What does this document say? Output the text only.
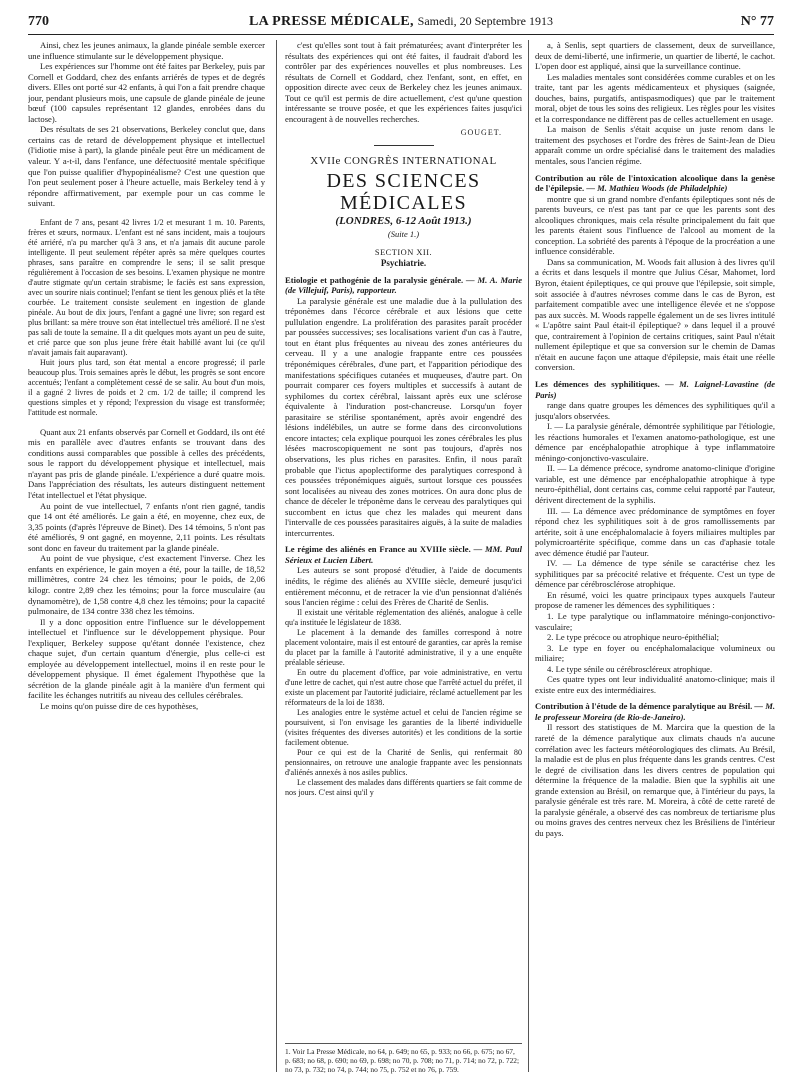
770	LA PRESSE MÉDICALE, Samedi, 20 Septembre 1913	N° 77

Ainsi, chez les jeunes animaux, la glande pinéale semble exercer une influence stimulante sur le développement physique.

Les expériences sur l'homme ont été faites par Berkeley, puis par Cornell et Goddard, chez des enfants arriérés de types et de degrés divers. Elles ont porté sur 42 enfants, à qui l'on a fait prendre chaque jour, pendant plusieurs mois, une capsule de glande pinéale de jeune bœuf (100 capsules représentant 12 glandes, enrobées dans du lactose).

Des résultats de ses 21 observations, Berkeley conclut que, dans certains cas de retard de développement physique et intellectuel (l'idiotie mise à part), la glande pinéale peut être un médicament de valeur. Y a-t-il, dans l'enfance, une défectuosité mentale spécifique que l'on puisse qualifier d'hypopinéalisme? C'est une question que l'on peut seulement poser à l'heure actuelle, mais Berkeley tend à y répondre affirmativement, par exemple pour un cas comme le suivant.

Enfant de 7 ans, pesant 42 livres 1/2 et mesurant 1 m. 10. Parents, frères et sœurs, normaux. L'enfant est né sans incident, mais a toujours été arriéré, n'a pu marcher qu'à 3 ans, et n'a jamais dit aucune parole intelligente. Il peut seulement répéter après sa mère quelques courtes phrases, sans paraître en comprendre le sens; il se salit presque régulièrement à l'occasion de ses besoins. L'examen physique ne montre d'autre stigmate qu'un certain strabisme; le faciès est sans expression, avec un sourire niais continuel; l'enfant se tient les genoux pliés et la tête courbée. Le traitement consiste seulement en ingestion de glande pinéale. Au bout de dix jours, l'enfant a gagné une livre; son regard est plus brillant: sa mère trouve son état intellectuel très amélioré. Il ne s'est pas sali de toute la semaine. Il a dit quelques mots ayant un peu de suite, et crié parce que son plus jeune frère était habillé avant lui (ce qu'il n'avait jamais fait auparavant).

Huit jours plus tard, son état mental a encore progressé; il parle beaucoup plus. Trois semaines après le début, les progrès se sont encore accentués; l'enfant a complètement cessé de se salir. Au bout d'un mois, il a gagné 2 livres de poids et 2 cm. 1/2 de taille; il comprend les questions simples et y répond; l'expression du visage est transformée; l'attitude est normale.

Quant aux 21 enfants observés par Cornell et Goddard, ils ont été mis en parallèle avec d'autres enfants se trouvant dans des conditions aussi comparables que possible à celles des précédents, sous le rapport du développement physique et intellectuel, mais n'ayant pas pris de glande pinéale. L'expérience a duré quatre mois. Dans l'appréciation des résultats, les auteurs distinguent nettement l'état intellectuel et l'état physique.

Au point de vue intellectuel, 7 enfants n'ont rien gagné, tandis que 14 ont été améliorés. Le gain a été, en moyenne, chez eux, de 3,35 points (d'après l'épreuve de Binet). Des 14 témoins, 5 n'ont pas été améliorés, 9 ont gagné, en moyenne, 2,11 points. Les résultats sont donc en faveur du traitement par la glande pinéale.

Au point de vue physique, c'est exactement l'inverse. Chez les enfants en expérience, le gain moyen a été, pour la taille, de 18,52 millimètres, contre 24 chez les témoins; pour le poids, de 2,06 kilogr. contre 2,89 chez les témoins; pour la force musculaire (au dynamomètre), de 1,58 contre 4,8 chez les témoins; pour la capacité pulmonaire, de 134 contre 338 chez les témoins.

Il y a donc opposition entre l'influence sur le développement intellectuel et l'influence sur le développement physique. Pour l'expliquer, Berkeley suppose qu'étant donnée l'existence, chez chaque sujet, d'un certain quantum d'énergie, plus celle-ci est employée au développement intellectuel, moins il en reste pour le développement physique. Il émet également l'hypothèse que la sécrétion de la glande pinéale agit à la manière d'un ferment qui facilite les échanges nutritifs au niveau des cellules cérébrales.

Le moins qu'on puisse dire de ces hypothèses,

c'est qu'elles sont tout à fait prématurées; avant d'interpréter les résultats des expériences qui ont été faites, il faudrait d'abord les contrôler par des expériences nouvelles et plus nombreuses. Les résultats de Cornell et Goddard, chez l'enfant, sont, en effet, en opposition directe avec ceux de Berkeley chez les jeunes animaux. Tout ce qu'il est permis de dire actuellement, c'est qu'une question intéressante se trouve posée, et que les expériences faites jusqu'ici encouragent à de nouvelles recherches.

GOUGET.
XVIIe CONGRÈS INTERNATIONAL
DES SCIENCES MÉDICALES
(LONDRES, 6-12 Août 1913.)
(Suite 1.)
SECTION XII.
Psychiatrie.

Etiologie et pathogénie de la paralysie générale. — M. A. Marie (de Villejuif, Paris), rapporteur.

La paralysie générale est une maladie due à la pullulation des tréponèmes dans l'écorce cérébrale et aux lésions que cette pullulation engendre. La prolifération des parasites paraît procéder par poussées successives; ses localisations varient d'un cas à l'autre, tout en étant plus fréquentes au niveau des zones antérieures du cerveau. Il y a une analogie frappante entre ces poussées tréponémiques cérébrales, d'une part, et l'apparition périodique des manifestations spécifiques cutanées et muqueuses, d'autre part. On pourrait comparer ces foyers multiples et successifs à autant de syphilomes du cortex cérébral, laissant après eux une sclérose équivalente à l'induration post-chancreuse. Lorsqu'un foyer parasitaire se stérilise spontanément, après avoir engendré des lésions indélébiles, un autre se forme dans des circonvolutions encore intactes; cela explique pourquoi les zones cérébrales les plus lésées macroscopiquement ne sont pas toujours, d'après nos observations, les plus riches en parasites. Enfin, il nous paraît probable que l'ictus apoplectiforme des paralytiques correspond à ces poussées tréponémiques aiguës, surtout lorsque ces poussées sont localisées au niveau des zones motrices. On aura donc plus de chance de déceler le tréponème dans le cerveau des paralytiques qui succombent en ictus que chez les malades qui meurent dans l'intervalle de ces poussées parasitaires aiguës, à la suite de maladies intercurrentes.

Le régime des aliénés en France au XVIIIe siècle. — MM. Paul Sérieux et Lucien Libert.

Les auteurs se sont proposé d'étudier, à l'aide de documents inédits, le régime des aliénés au XVIIIe siècle, demeuré jusqu'ici entièrement méconnu, et de retracer la vie d'un pensionnat d'aliénés sous l'ancien régime : celui des Frères de Charité de Senlis.

Il existait une véritable réglementation des aliénés, analogue à celle qu'a instituée le législateur de 1838.

Le placement à la demande des familles correspond à notre placement volontaire, mais il est entouré de garanties, car après la remise du placet par la famille à l'autorité administrative, il y a une enquête préalable sérieuse.

En outre du placement d'office, par voie administrative, en vertu d'une lettre de cachet, qui n'est autre chose que l'arrêté actuel du préfet, il existe un placement par l'autorité judiciaire, réclamé actuellement par les réformateurs de la loi de 1838.

Les analogies entre le système actuel et celui de l'ancien régime se poursuivent, si l'on envisage les garanties de la liberté individuelle (visites fréquentes des diverses autorités) et les conditions de la sortie facilement obtenue.

Pour ce qui est de la Charité de Senlis, qui renfermait 80 pensionnaires, on retrouve une analogie frappante avec les pensionnats d'aliénés annexés à nos asiles publics.

Le classement des malades dans différents quartiers se fait comme de nos jours. C'est ainsi qu'il y

1. Voir La Presse Médicale, no 64, p. 649; no 65, p. 933; no 66, p. 675; no 67, p. 683; no 68, p. 690; no 69, p. 698; no 70, p. 708; no 71, p. 714; no 72, p. 722; no 73, p. 732; no 74, p. 744; no 75, p. 752 et no 76, p. 759.

a, à Senlis, sept quartiers de classement, deux de surveillance, deux de demi-liberté, une infirmerie, un quartier de liberté, le cachot. L'open door est appliqué, ainsi que la surveillance continue.

Les maladies mentales sont considérées comme curables et on les traite, tant par les agents médicamenteux et physiques (saignée, douches, bains, purgatifs, antispasmodiques) que par le traitement moral, objet de tous les soins des religieux. Les règles pour les visites et la correspondance ne diffèrent pas de celles actuellement en usage.

La maison de Senlis s'était acquise un juste renom dans le traitement des psychoses et l'ordre des frères de Saint-Jean de Dieu apparaît comme un ordre spécialisé dans le traitement des maladies mentales, sous l'ancien régime.

Contribution au rôle de l'intoxication alcoolique dans la genèse de l'épilepsie. — M. Mathieu Woods (de Philadelphie)

montre que si un grand nombre d'enfants épileptiques sont nés de parents buveurs, ce n'est pas tant par ce que les parents sont des alcooliques chroniques, mais cela résulte principalement du fait que les parents étaient sous l'influence de l'alcool au moment de la conception. La sobriété des parents à l'époque de la procréation a une influence considérable.

Dans sa communication, M. Woods fait allusion à des livres qu'il a écrits et dans lesquels il montre que Julius César, Mahomet, lord Byron, étaient épileptiques, ce qui prouve que l'épilepsie, soit simple, soit associée à d'autres névroses comme dans le cas de Byron, est parfaitement compatible avec une intelligence élevée et ne s'oppose pas aux succès. M. Woods rappelle également un de ses livres intitulé « L'apôtre saint Paul était-il épileptique? » dans lequel il a prouvé que, contrairement à l'opinion de certains critiques, saint Paul n'était nullement épileptique et que sa conversion sur le chemin de Damas n'était en aucune façon une attaque d'épilepsie, mais était une réelle conversion.

Les démences des syphilitiques. — M. Laignel-Lavastine (de Paris)

range dans quatre groupes les démences des syphilitiques qu'il a jusqu'alors observées.

I. — La paralysie générale, démontrée syphilitique par l'étiologie, les réactions humorales et l'examen anatomo-pathologique, est une démence par encéphalopathie atrophique à type inflammatoire méningo-conjonctivo-vasculaire.

II. — La démence précoce, syndrome anatomo-clinique d'origine variable, est une démence par encéphalopathie atrophique à type neuro-épithélial, dont certains cas, comme celui rapporté par l'auteur, dérivent directement de la syphilis.

III. — La démence avec prédominance de symptômes en foyer répond chez les syphilitiques soit à de gros ramollissements par artérite, soit à une encéphalomalacie à foyers miliaires multiples par polymicroartérite spécifique, comme dans un cas d'aphasie totale avec démence étudié par l'auteur.

IV. — La démence de type sénile se caractérise chez les syphilitiques par sa précocité relative et fréquente. C'est un type de démence par cérébrosclérose atrophique.

En résumé, voici les quatre principaux types auxquels l'auteur propose de ramener les démences des syphilitiques :

1. Le type paralytique ou inflammatoire méningo-conjonctivo-vasculaire;

2. Le type précoce ou atrophique neuro-épithélial;

3. Le type en foyer ou encéphalomalacique volumineux ou miliaire;

4. Le type sénile ou cérébroscléreux atrophique.

Ces quatre types ont leur individualité anatomo-clinique; mais il existe entre eux des intermédiaires.

Contribution à l'étude de la démence paralytique au Brésil. — M. le professeur Moreira (de Rio-de-Janeiro).

Il ressort des statistiques de M. Marcira que la question de la rareté de la démence paralytique aux climats chauds n'a aucune corrélation avec les facteurs météorologiques des climats. Au Brésil, la maladie est de plus en plus fréquente dans les grands centres. C'est le degré de civilisation dans les divers centres de population qui détermine la fréquence de la maladie. Bien que la syphilis ait une grande extension au Brésil, on remarque que, à l'intérieur du pays, la paralysie générale est très rare. M. Moreira, à côté de cette rareté de la paralysie générale, a observé des cas nombreux de tertiarisme plus ou moins graves des centres nerveux chez les Brésiliens de l'intérieur du pays.
